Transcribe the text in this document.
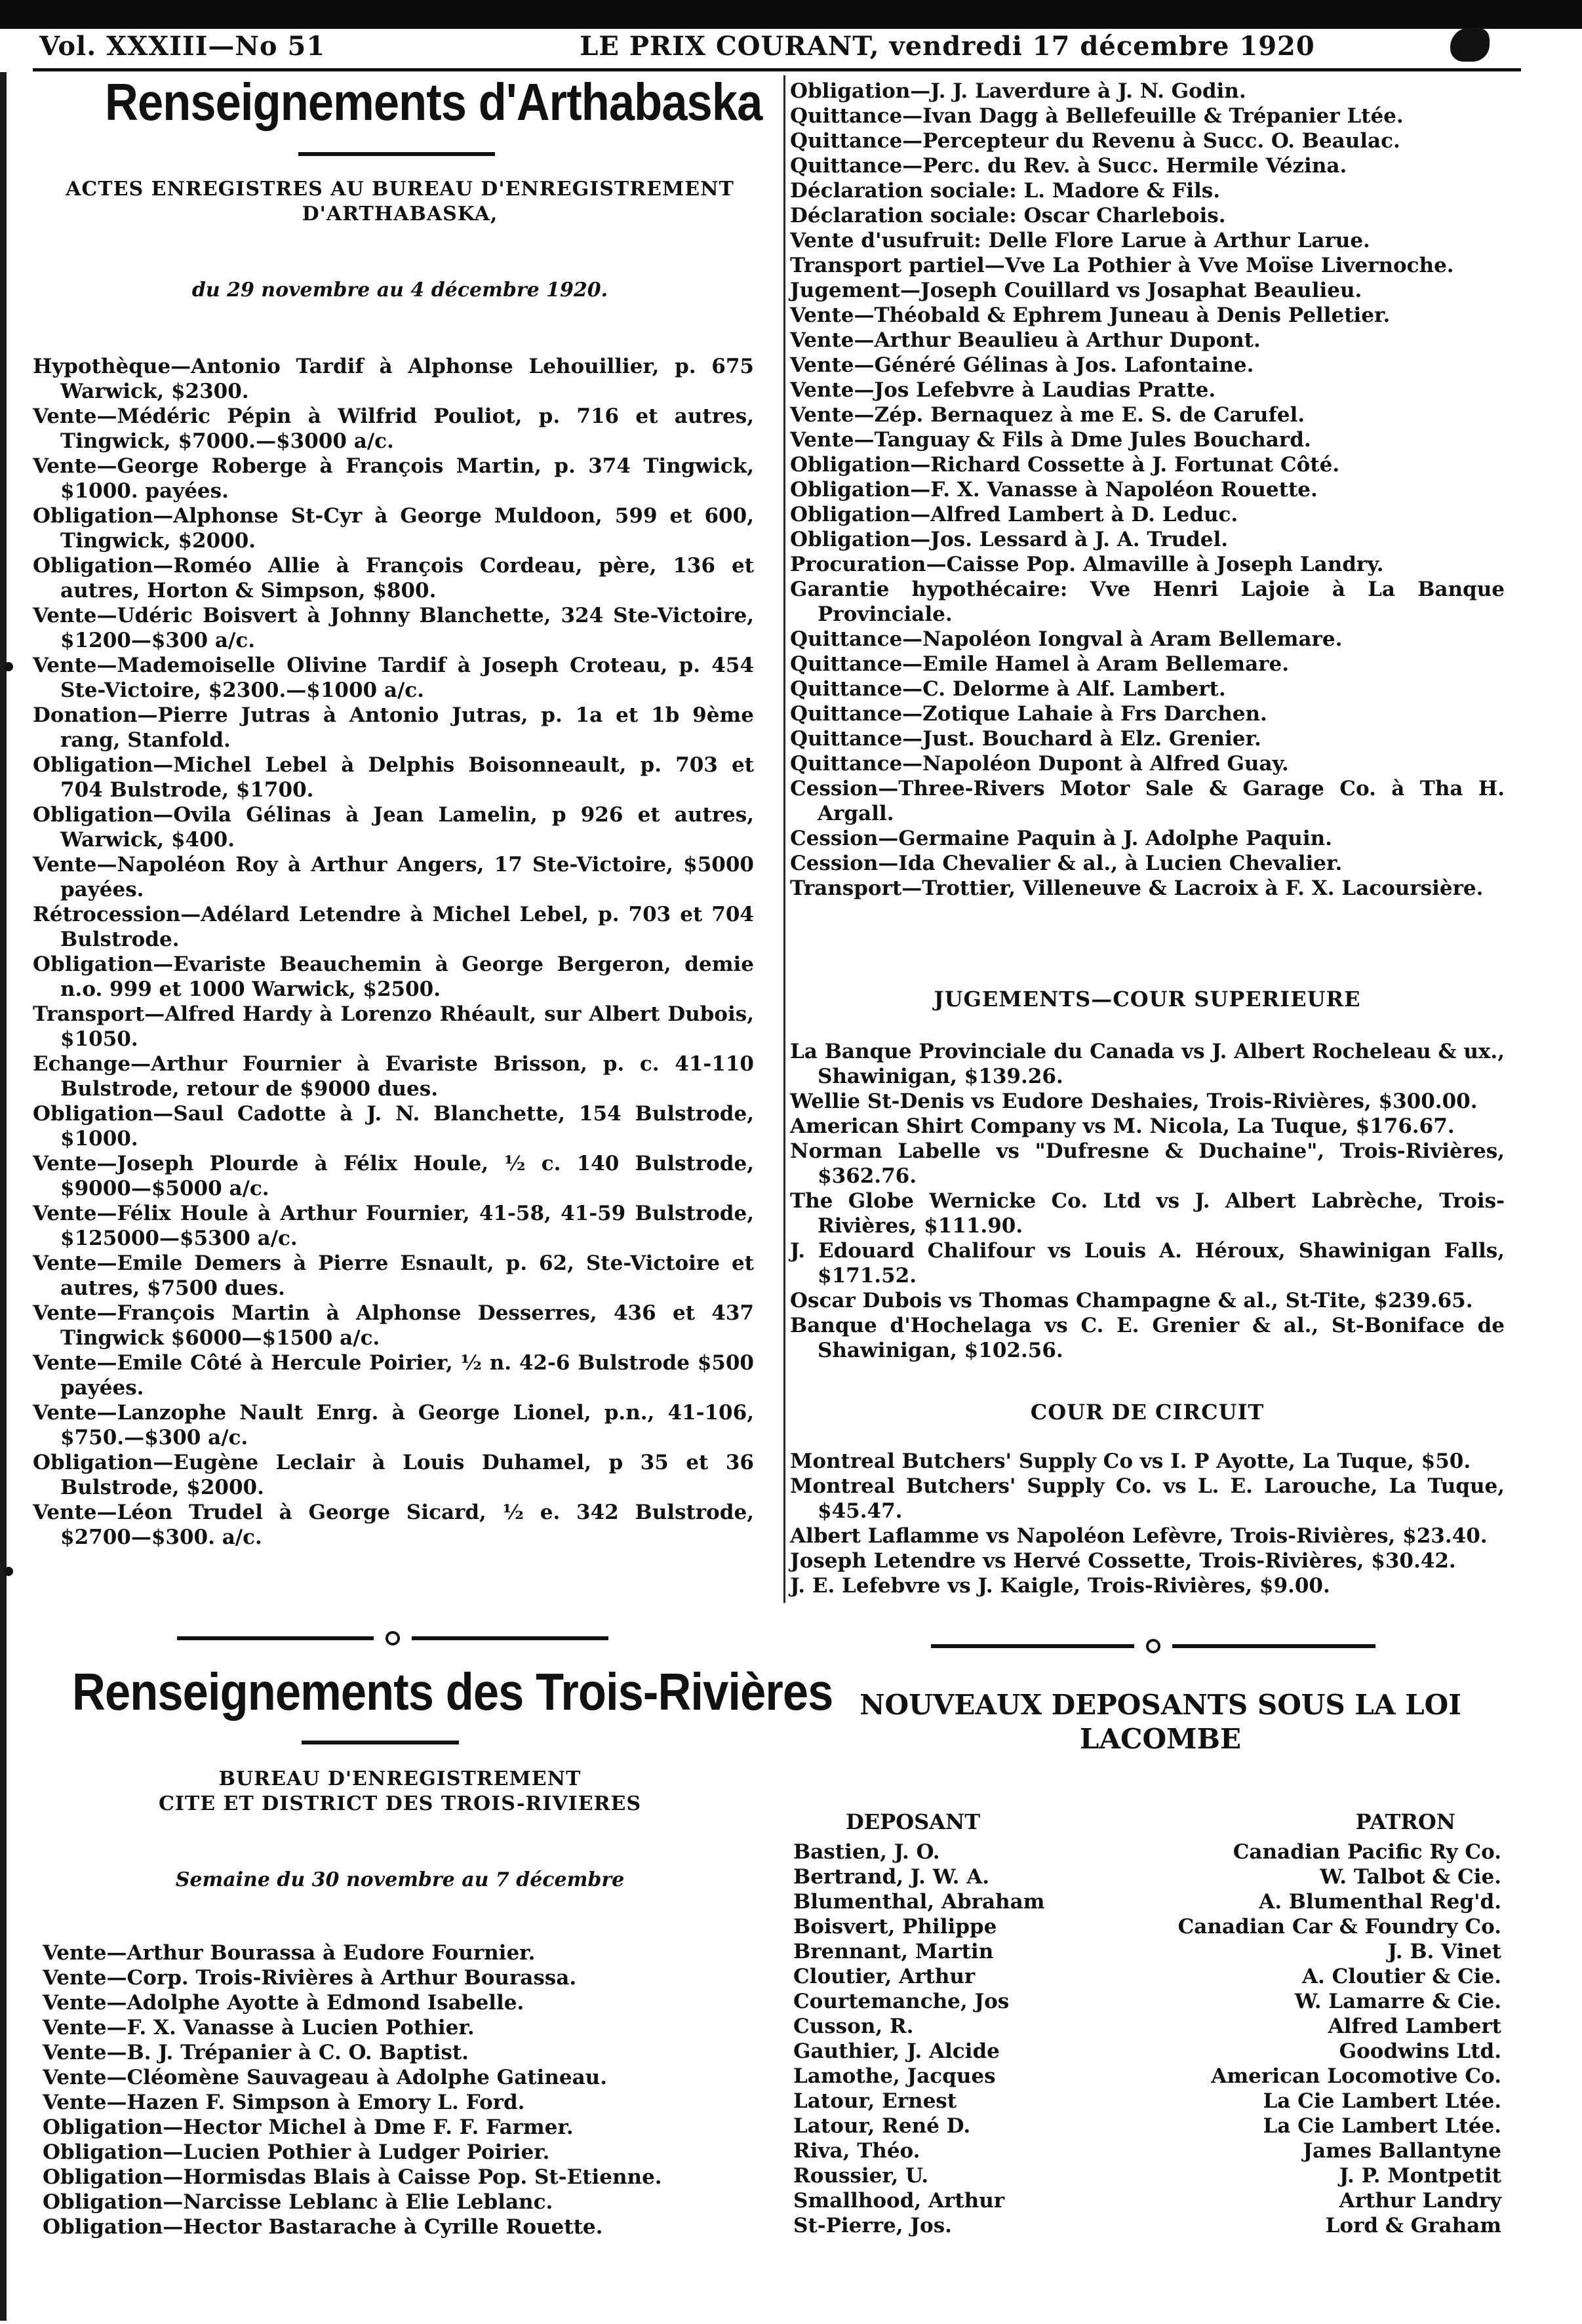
Vol. XXXIII—No 51	LE PRIX COURANT, vendredi 17 décembre 1920
Renseignements d'Arthabaska
ACTES ENREGISTRES AU BUREAU D'ENREGISTREMENT D'ARTHABASKA,
du 29 novembre au 4 décembre 1920.
Hypothèque—Antonio Tardif à Alphonse Lehouillier, p. 675 Warwick, $2300.
Vente—Médéric Pépin à Wilfrid Pouliot, p. 716 et autres, Tingwick, $7000.—$3000 a/c.
Vente—George Roberge à François Martin, p. 374 Tingwick, $1000. payées.
Obligation—Alphonse St-Cyr à George Muldoon, 599 et 600, Tingwick, $2000.
Obligation—Roméo Allie à François Cordeau, père, 136 et autres, Horton & Simpson, $800.
Vente—Udéric Boisvert à Johnny Blanchette, 324 Ste-Victoire, $1200—$300 a/c.
Vente—Mademoiselle Olivine Tardif à Joseph Croteau, p. 454 Ste-Victoire, $2300.—$1000 a/c.
Donation—Pierre Jutras à Antonio Jutras, p. 1a et 1b 9ème rang, Stanfold.
Obligation—Michel Lebel à Delphis Boisonneault, p. 703 et 704 Bulstrode, $1700.
Obligation—Ovila Gélinas à Jean Lamelin, p 926 et autres, Warwick, $400.
Vente—Napoléon Roy à Arthur Angers, 17 Ste-Victoire, $5000 payées.
Rétrocession—Adélard Letendre à Michel Lebel, p. 703 et 704 Bulstrode.
Obligation—Evariste Beauchemin à George Bergeron, demie n.o. 999 et 1000 Warwick, $2500.
Transport—Alfred Hardy à Lorenzo Rhéault, sur Albert Dubois, $1050.
Echange—Arthur Fournier à Evariste Brisson, p. c. 41-110 Bulstrode, retour de $9000 dues.
Obligation—Saul Cadotte à J. N. Blanchette, 154 Bulstrode, $1000.
Vente—Joseph Plourde à Félix Houle, ½ c. 140 Bulstrode, $9000—$5000 a/c.
Vente—Félix Houle à Arthur Fournier, 41-58, 41-59 Bulstrode, $125000—$5300 a/c.
Vente—Emile Demers à Pierre Esnault, p. 62, Ste-Victoire et autres, $7500 dues.
Vente—François Martin à Alphonse Desserres, 436 et 437 Tingwick $6000—$1500 a/c.
Vente—Emile Côté à Hercule Poirier, ½ n. 42-6 Bulstrode $500 payées.
Vente—Lanzophe Nault Enrg. à George Lionel, p.n., 41-106, $750.—$300 a/c.
Obligation—Eugène Leclair à Louis Duhamel, p 35 et 36 Bulstrode, $2000.
Vente—Léon Trudel à George Sicard, ½ e. 342 Bulstrode, $2700—$300. a/c.
Obligation—J. J. Laverdure à J. N. Godin.
Quittance—Ivan Dagg à Bellefeuille & Trépanier Ltée.
Quittance—Percepteur du Revenu à Succ. O. Beaulac.
Quittance—Perc. du Rev. à Succ. Hermile Vézina.
Déclaration sociale: L. Madore & Fils.
Déclaration sociale: Oscar Charlebois.
Vente d'usufruit: Delle Flore Larue à Arthur Larue.
Transport partiel—Vve La Pothier à Vve Moïse Livernoche.
Jugement—Joseph Couillard vs Josaphat Beaulieu.
Vente—Théobald & Ephrem Juneau à Denis Pelletier.
Vente—Arthur Beaulieu à Arthur Dupont.
Vente—Généré Gélinas à Jos. Lafontaine.
Vente—Jos Lefebvre à Laudias Pratte.
Vente—Zép. Bernaquez à me E. S. de Carufel.
Vente—Tanguay & Fils à Dme Jules Bouchard.
Obligation—Richard Cossette à J. Fortunat Côté.
Obligation—F. X. Vanasse à Napoléon Rouette.
Obligation—Alfred Lambert à D. Leduc.
Obligation—Jos. Lessard à J. A. Trudel.
Procuration—Caisse Pop. Almaville à Joseph Landry.
Garantie hypothécaire: Vve Henri Lajoie à La Banque Provinciale.
Quittance—Napoléon Iongval à Aram Bellemare.
Quittance—Emile Hamel à Aram Bellemare.
Quittance—C. Delorme à Alf. Lambert.
Quittance—Zotique Lahaie à Frs Darchen.
Quittance—Just. Bouchard à Elz. Grenier.
Quittance—Napoléon Dupont à Alfred Guay.
Cession—Three-Rivers Motor Sale & Garage Co. à Tha H. Argall.
Cession—Germaine Paquin à J. Adolphe Paquin.
Cession—Ida Chevalier & al., à Lucien Chevalier.
Transport—Trottier, Villeneuve & Lacroix à F. X. Lacoursière.
JUGEMENTS—COUR SUPERIEURE
La Banque Provinciale du Canada vs J. Albert Rocheleau & ux., Shawinigan, $139.26.
Wellie St-Denis vs Eudore Deshaies, Trois-Rivières, $300.00.
American Shirt Company vs M. Nicola, La Tuque, $176.67.
Norman Labelle vs "Dufresne & Duchaine", Trois-Rivières, $362.76.
The Globe Wernicke Co. Ltd vs J. Albert Labrèche, Trois-Rivières, $111.90.
J. Edouard Chalifour vs Louis A. Héroux, Shawinigan Falls, $171.52.
Oscar Dubois vs Thomas Champagne & al., St-Tite, $239.65.
Banque d'Hochelaga vs C. E. Grenier & al., St-Boniface de Shawinigan, $102.56.
COUR DE CIRCUIT
Montreal Butchers' Supply Co vs I. P Ayotte, La Tuque, $50.
Montreal Butchers' Supply Co. vs L. E. Larouche, La Tuque, $45.47.
Albert Laflamme vs Napoléon Lefèvre, Trois-Rivières, $23.40.
Joseph Letendre vs Hervé Cossette, Trois-Rivières, $30.42.
J. E. Lefebvre vs J. Kaigle, Trois-Rivières, $9.00.
Renseignements des Trois-Rivières
BUREAU D'ENREGISTREMENT
CITE ET DISTRICT DES TROIS-RIVIERES
Semaine du 30 novembre au 7 décembre
Vente—Arthur Bourassa à Eudore Fournier.
Vente—Corp. Trois-Rivières à Arthur Bourassa.
Vente—Adolphe Ayotte à Edmond Isabelle.
Vente—F. X. Vanasse à Lucien Pothier.
Vente—B. J. Trépanier à C. O. Baptist.
Vente—Cléomène Sauvageau à Adolphe Gatineau.
Vente—Hazen F. Simpson à Emory L. Ford.
Obligation—Hector Michel à Dme F. F. Farmer.
Obligation—Lucien Pothier à Ludger Poirier.
Obligation—Hormisdas Blais à Caisse Pop. St-Etienne.
Obligation—Narcisse Leblanc à Elie Leblanc.
Obligation—Hector Bastarache à Cyrille Rouette.
NOUVEAUX DEPOSANTS SOUS LA LOI LACOMBE
DEPOSANT	PATRON
Bastien, J. O.	Canadian Pacific Ry Co.
Bertrand, J. W. A.	W. Talbot & Cie.
Blumenthal, Abraham	A. Blumenthal Reg'd.
Boisvert, Philippe	Canadian Car & Foundry Co.
Brennant, Martin	J. B. Vinet
Cloutier, Arthur	A. Cloutier & Cie.
Courtemanche, Jos	W. Lamarre & Cie.
Cusson, R.	Alfred Lambert
Gauthier, J. Alcide	Goodwins Ltd.
Lamothe, Jacques	American Locomotive Co.
Latour, Ernest	La Cie Lambert Ltée.
Latour, René D.	La Cie Lambert Ltée.
Riva, Théo.	James Ballantyne
Roussier, U.	J. P. Montpetit
Smallhood, Arthur	Arthur Landry
St-Pierre, Jos.	Lord & Graham
